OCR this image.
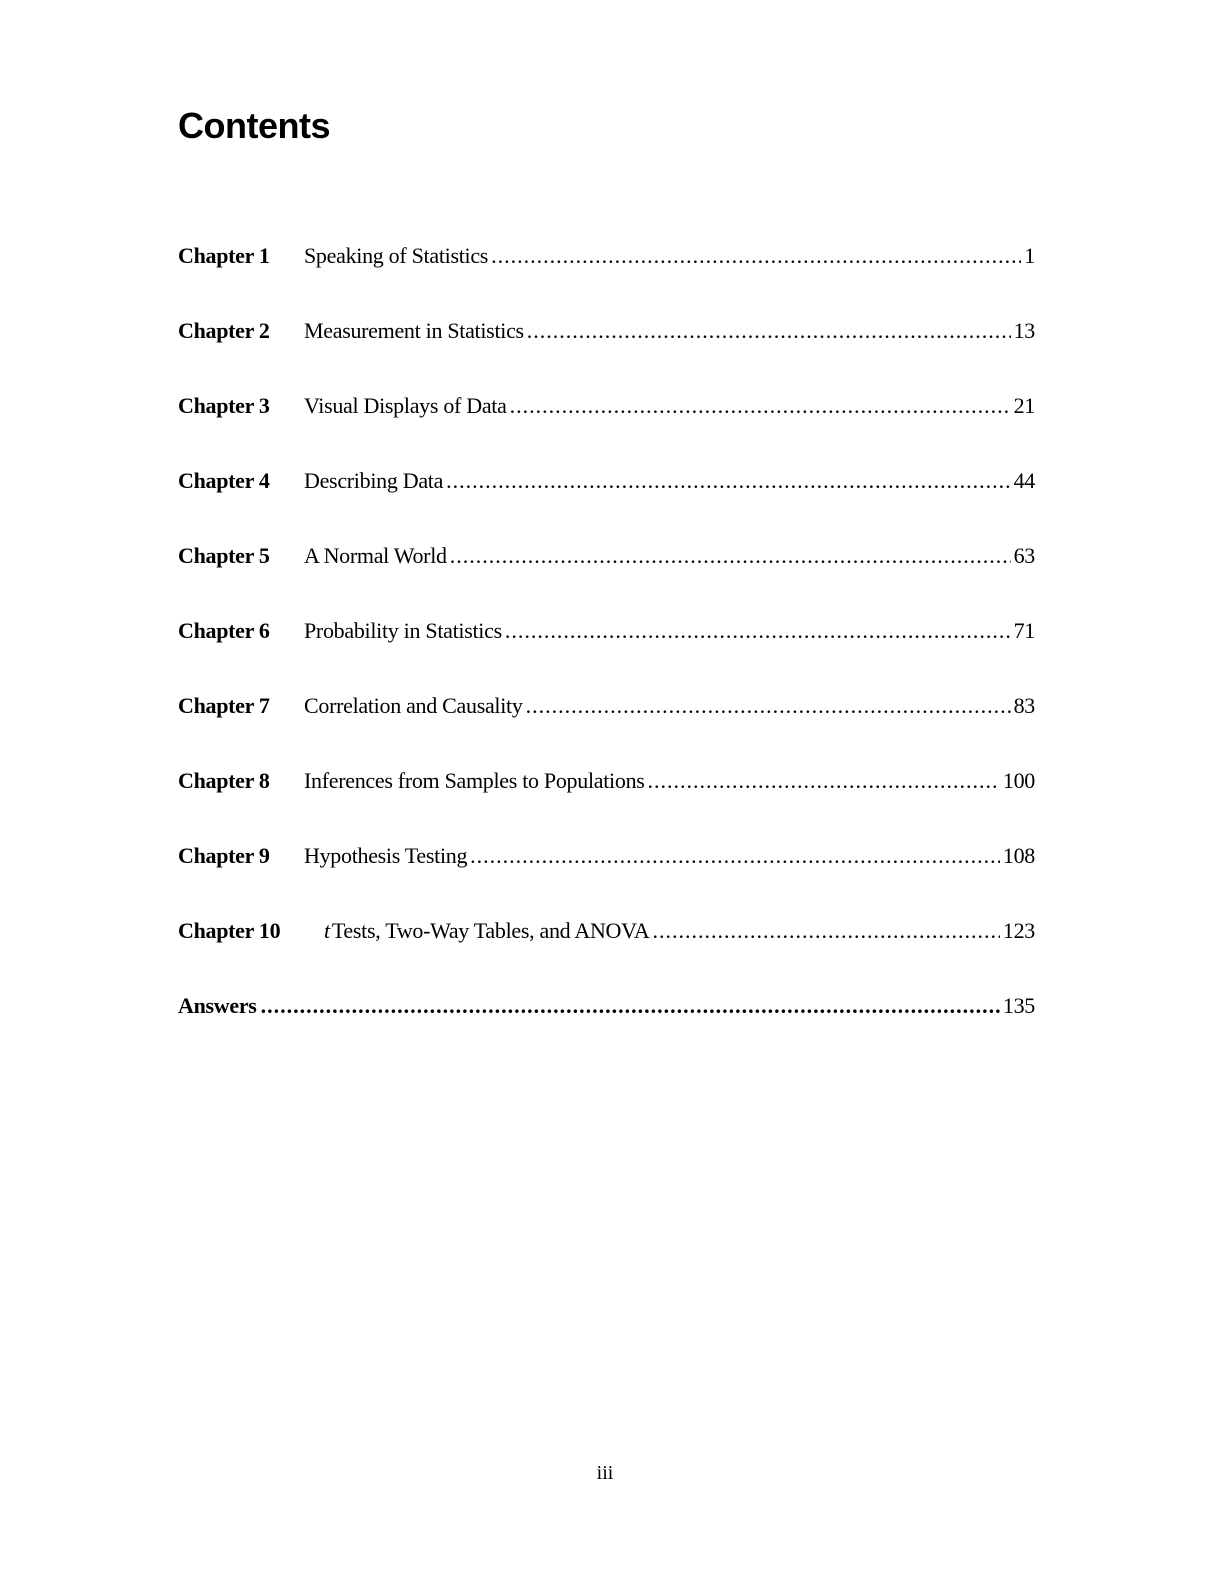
Contents
Chapter 1	Speaking of Statistics .....	1
Chapter 2	Measurement in Statistics .....	13
Chapter 3	Visual Displays of Data .....	21
Chapter 4	Describing Data .....	44
Chapter 5	A Normal World .....	63
Chapter 6	Probability in Statistics .....	71
Chapter 7	Correlation and Causality .....	83
Chapter 8	Inferences from Samples to Populations .....	100
Chapter 9	Hypothesis Testing .....	108
Chapter 10	tTests, Two-Way Tables, and ANOVA .....	123
Answers .....	135
iii
